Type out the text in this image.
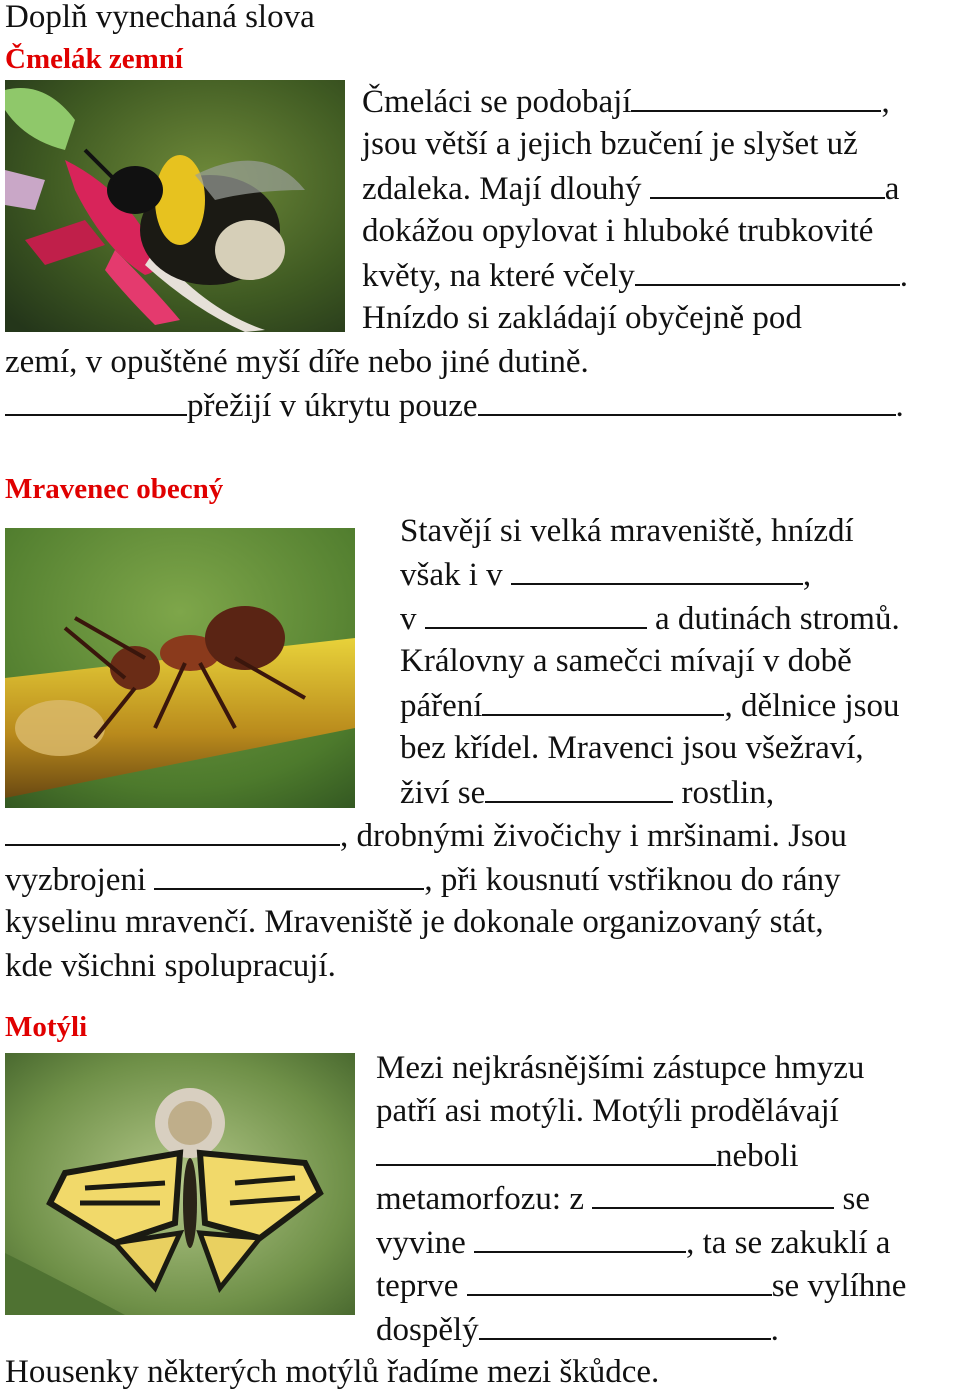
Doplň vynechaná slova
Čmelák zemní
Čmeláci se podobají	,
jsou větší a jejich bzučení je slyšet už
zdaleka. Mají dlouhý	a
dokážou opylovat i hluboké trubkovité
květy, na které včely	.
Hnízdo si zakládají obyčejně pod
zemí, v opuštěné myší díře nebo jiné dutině.
přežijí v úkrytu pouze	.
Mravenec obecný
Stavějí si velká mraveniště, hnízdí
však i v	,
v	a dutinách stromů.
Královny a samečci mívají v době
páření	, dělnice jsou
bez křídel. Mravenci jsou všežraví,
živí se	rostlin,
, drobnými živočichy i mršinami. Jsou
vyzbrojeni	, při kousnutí vstřiknou do rány
kyselinu mravenčí. Mraveniště je dokonale organizovaný stát,
kde všichni spolupracují.
Motýli
Mezi nejkrásnějšími zástupce hmyzu
patří asi motýli. Motýli prodělávají
neboli
metamorfozu: z	se
vyvine	, ta se zakuklí a
teprve	se vylíhne
dospělý	.
Housenky některých motýlů řadíme mezi škůdce.
